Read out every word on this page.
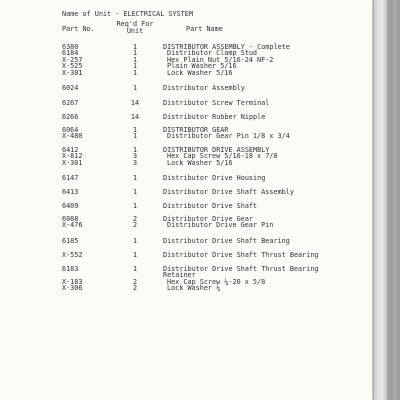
Name of Unit - ELECTRICAL SYSTEM
Part No.
Req'd For
Unit	Part Name
6380	1	DISTRIBUTOR ASSEMBLY - Complete
6184	1	Distributor Clamp Stud
X-257	1	Hex Plain Nut 5/16-24 NF-2
X-525	1	Plain Washer 5/16
X-301	1	Lock Washer 5/16
6024	1	Distributor Assembly
6267	14	Distributor Screw Terminal
6266	14	Distributor Rubber Nipple
6064	1	DISTRIBUTOR GEAR
X-480	1	Distributor Gear Pin 1/8 x 3/4
6412	1	DISTRIBUTOR DRIVE ASSEMBLY
X-812	3	Hex Cap Screw 5/16-18 x 7/8
X-301	3	Lock Washer 5/16
6147	1	Distributor Drive Housing
6413	1	Distributor Drive Shaft Assembly
6409	1	Distributor Drive Shaft
6088	2	Distributor Drive Gear
X-476	2	Distributor Drive Gear Pin
6185	1	Distributor Drive Shaft Bearing
X-552	1	Distributor Drive Shaft Thrust Bearing
6183	1	Distributor Drive Shaft Thrust Bearing
Retainer
X-183	2	Hex Cap Screw ¼-20 x 5/8
X-306	2	Lock Washer ¼
